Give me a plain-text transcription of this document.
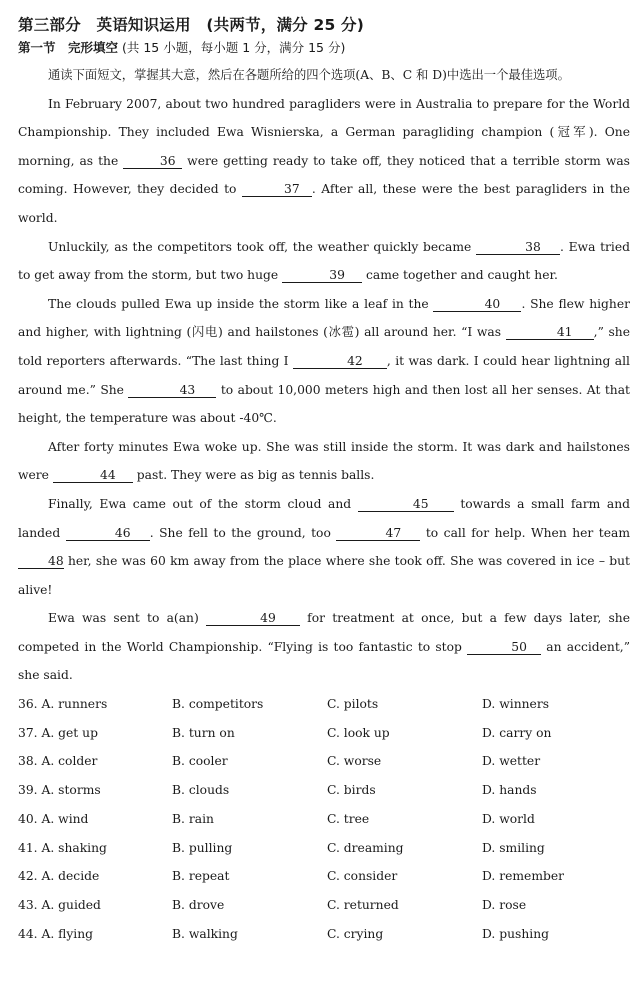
第三部分　英语知识运用　(共两节，满分 25 分)
第一节　完形填空 (共 15 小题，每小题 1 分，满分 15 分)

通读下面短文，掌握其大意，然后在各题所给的四个选项(A、B、C 和 D)中选出一个最佳选项。

In February 2007, about two hundred paragliders were in Australia to prepare for the World Championship. They included Ewa Wisnierska, a German paragliding champion (冠军). One morning, as the	36 were getting ready to take off, they noticed that a terrible storm was coming. However, they decided to	37 . After all, these were the best paragliders in the world.

Unluckily, as the competitors took off, the weather quickly became	38 . Ewa tried to get away from the storm, but two huge	39 came together and caught her.

The clouds pulled Ewa up inside the storm like a leaf in the	40 . She flew higher and higher, with lightning (闪电) and hailstones (冰雹) all around her. “I was	41 ,” she told reporters afterwards. “The last thing I	42 , it was dark. I could hear lightning all around me.” She	43 to about 10,000 meters high and then lost all her senses. At that height, the temperature was about -40℃.

After forty minutes Ewa woke up. She was still inside the storm. It was dark and hailstones were	44 past. They were as big as tennis balls.

Finally, Ewa came out of the storm cloud and	45 towards a small farm and landed	46 . She fell to the ground, too	47 to call for help. When her team 48 her, she was 60 km away from the place where she took off. She was covered in ice – but alive!

Ewa was sent to a(an)	49 for treatment at once, but a few days later, she competed in the World Championship. “Flying is too fantastic to stop	50 an accident,” she said.

36. A. runners	B. competitors	C. pilots	D. winners
37. A. get up	B. turn on	C. look up	D. carry on
38. A. colder	B. cooler	C. worse	D. wetter
39. A. storms	B. clouds	C. birds	D. hands
40. A. wind	B. rain	C. tree	D. world
41. A. shaking	B. pulling	C. dreaming	D. smiling
42. A. decide	B. repeat	C. consider	D. remember
43. A. guided	B. drove	C. returned	D. rose
44. A. flying	B. walking	C. crying	D. pushing
